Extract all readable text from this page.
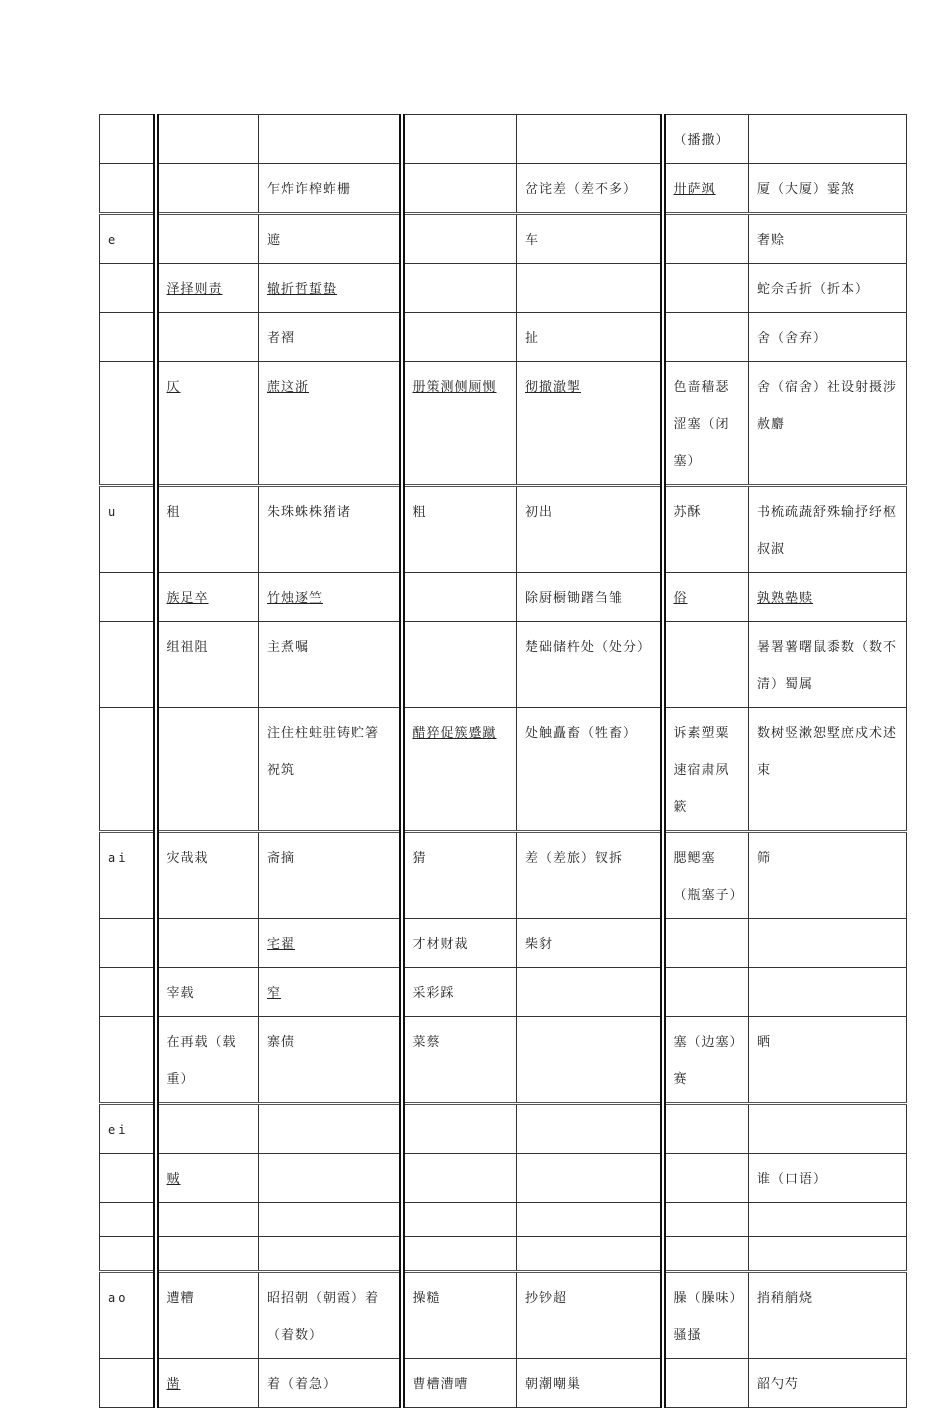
					（播撒）	
		乍炸诈榨蚱栅		岔诧差（差不多）	卅萨飒	厦（大厦）霎煞
e		遮		车		奢赊
	泽择则责	辙折哲蜇蛰				蛇佘舌折（折本）
		者褶		扯		舍（舍弃）
	仄	蔗这浙	册策测侧厕恻	彻撤澈掣	色啬穑瑟涩塞（闭塞）	舍（宿舍）社设射摄涉赦麝
u	租	朱珠蛛株猪诸	粗	初出	苏酥	书梳疏蔬舒殊输抒纾枢叔淑
	族足卒	竹烛逐竺		除厨橱锄躇刍雏	俗	孰熟塾赎
	组祖阻	主煮嘱		楚础储杵处（处分）		暑署薯曙鼠黍数（数不清）蜀属
		注住柱蛀驻铸贮箸祝筑	醋猝促簇蹙蹴	处触矗畜（牲畜）	诉素塑粟速宿肃夙簌	数树竖漱恕墅庶戍术述束
ai	灾哉栽	斋摘	猜	差（差旅）钗拆	腮鳃塞（瓶塞子）	筛
		宅翟	才材财裁	柴豺		
	宰载	窄	采彩踩			
	在再载（载重）	寨债	菜蔡		塞（边塞）赛	晒
ei						
	贼					谁（口语）

ao	遭糟	昭招朝（朝霞）着（着数）	操糙	抄钞超	臊（臊味）骚搔	捎稍艄烧
	凿	着（着急）	曹槽漕嘈	朝潮嘲巢		韶勺芍
